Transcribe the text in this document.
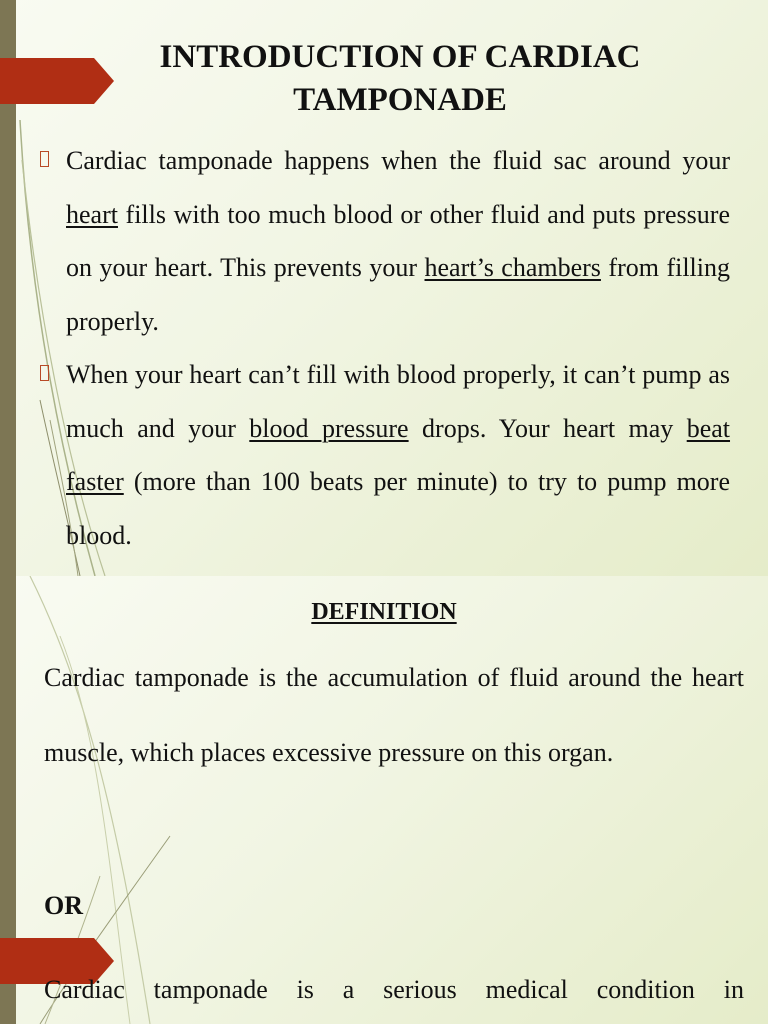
INTRODUCTION OF CARDIAC
TAMPONADE
Cardiac tamponade happens when the fluid sac around your heart fills with too much blood or other fluid and puts pressure on your heart. This prevents your heart’s chambers from filling properly.
When your heart can’t fill with blood properly, it can’t pump as much and your blood pressure drops. Your heart may beat faster (more than 100 beats per minute) to try to pump more blood.
DEFINITION
Cardiac tamponade is the accumulation of fluid around the heart muscle, which places excessive pressure on this organ.
OR
Cardiac tamponade is a serious medical condition in
